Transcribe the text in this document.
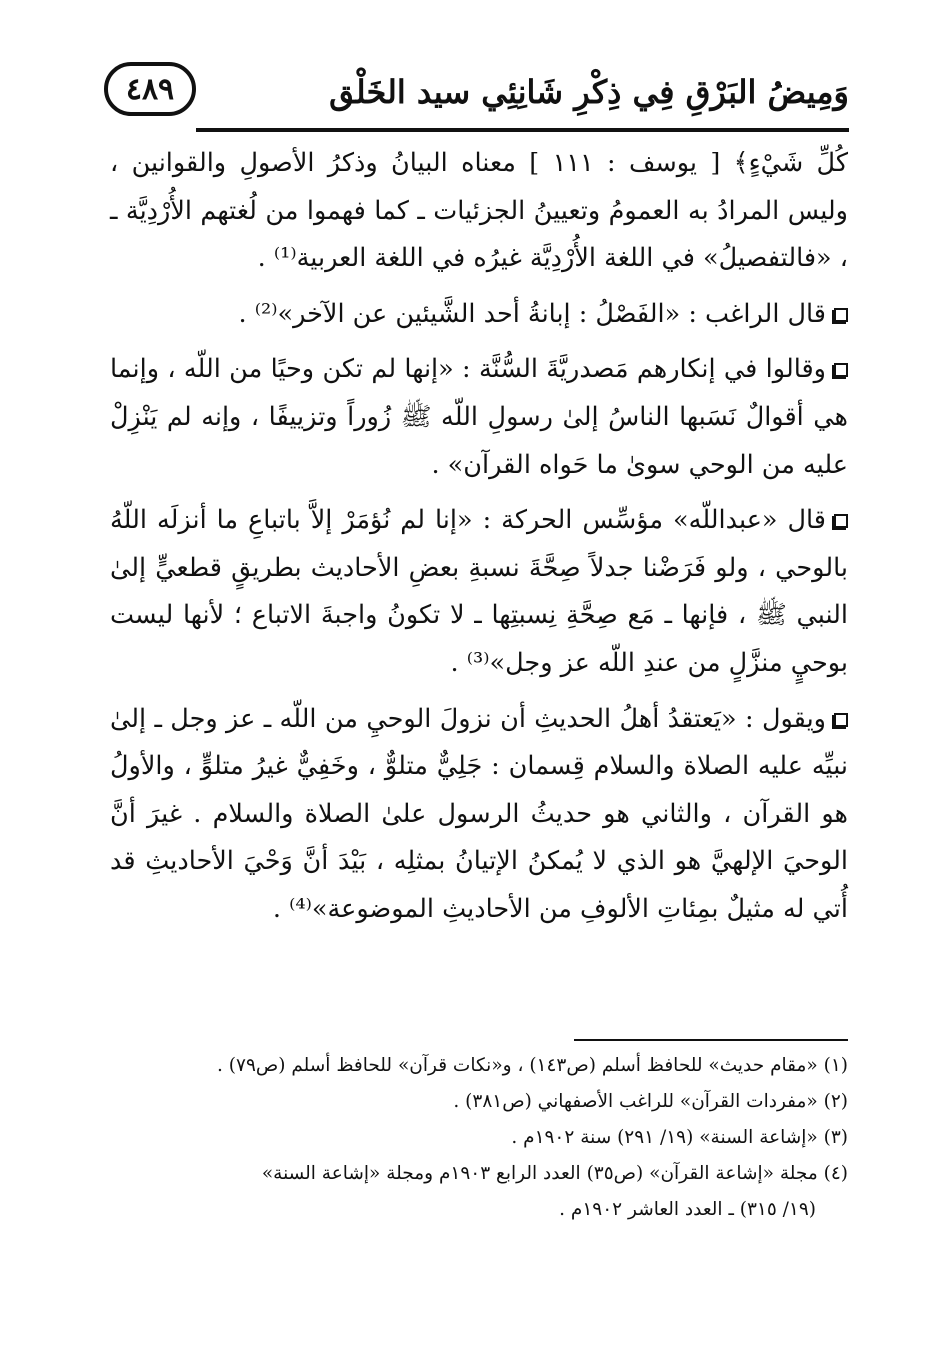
٤٨٩	وَمِيضُ البَرْقِ فِي ذِكْرِ شَانِئِي سيد الخَلْق

كُلِّ شَيْءٍ﴾ [ يوسف : ١١١ ] معناه البيانُ وذكرُ الأصولِ والقوانين ، وليس المرادُ به العمومُ وتعيينُ الجزئيات ـ كما فهموا من لُغتهم الأُرْدِيَّة ـ ، «فالتفصيلُ» في اللغة الأُرْدِيَّة غيرُه في اللغة العربية⁽¹⁾ .

قال الراغب : «الفَصْلُ : إبانةُ أحد الشَّيئين عن الآخر»⁽²⁾ .

وقالوا في إنكارهم مَصدريَّةَ السُّنَّة : «إنها لم تكن وحيًا من اللّه ، وإنما هي أقوالٌ نَسَبها الناسُ إلىٰ رسولِ اللّه ﷺ زُوراً وتزييفًا ، وإنه لم يَنْزِلْ عليه من الوحي سوىٰ ما حَواه القرآن» .

قال «عبداللّه» مؤسِّس الحركة : «إنا لم نُؤمَرْ إلاَّ باتباعِ ما أنزلَه اللّهُ بالوحي ، ولو فَرَضْنا جدلاً صِحَّةَ نسبةِ بعضِ الأحاديث بطريقٍ قطعيٍّ إلىٰ النبي ﷺ ، فإنها ـ مَع صِحَّةِ نِسبتِها ـ لا تكونُ واجبةَ الاتباع ؛ لأنها ليست بوحيٍ منزَّلٍ من عندِ اللّه عز وجل»⁽³⁾ .

ويقول : «يَعتقدُ أهلُ الحديثِ أن نزولَ الوحيِ من اللّه ـ عز وجل ـ إلىٰ نبيِّه عليه الصلاة والسلام قِسمان : جَلِيٌّ متلوٌّ ، وخَفِيٌّ غيرُ متلوٍّ ، والأولُ هو القرآن ، والثاني هو حديثُ الرسول علىٰ الصلاة والسلام . غيرَ أنَّ الوحيَ الإلهيَّ هو الذي لا يُمكنُ الإتيانُ بمثلِه ، بَيْدَ أنَّ وَحْيَ الأحاديثِ قد أُتي له مثيلٌ بمِئاتِ الألوفِ من الأحاديثِ الموضوعة»⁽⁴⁾ .

(١) «مقام حديث» للحافظ أسلم (ص١٤٣) ، و«نكات قرآن» للحافظ أسلم (ص٧٩) .

(٢) «مفردات القرآن» للراغب الأصفهاني (ص٣٨١) .

(٣) «إشاعة السنة» (١٩/ ٢٩١) سنة ١٩٠٢م .

(٤) مجلة «إشاعة القرآن» (ص٣٥) العدد الرابع ١٩٠٣م ومجلة «إشاعة السنة»

(١٩/ ٣١٥) ـ العدد العاشر ١٩٠٢م .
